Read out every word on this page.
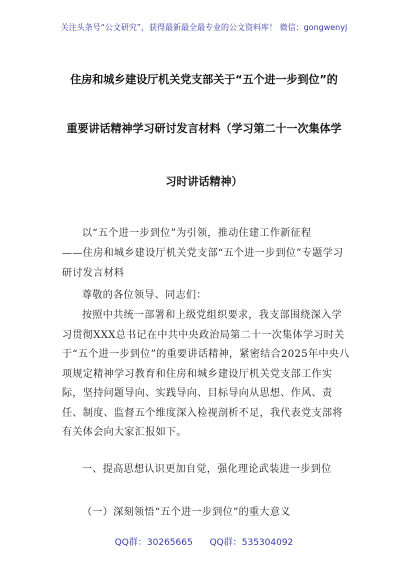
关注头条号“公文研究”，获得最新最全最专业的公文资料库！ 微信：gongwenyj
住房和城乡建设厅机关党支部关于“五个进一步到位”的
重要讲话精神学习研讨发言材料（学习第二十一次集体学
习时讲话精神）
以“五个进一步到位”为引领，推动住建工作新征程
——住房和城乡建设厅机关党支部“五个进一步到位”专题学习研讨发言材料
尊敬的各位领导、同志们：
按照中共统一部署和上级党组织要求，我支部围绕深入学习贯彻XXX总书记在中共中央政治局第二十一次集体学习时关于“五个进一步到位”的重要讲话精神，紧密结合2025年中央八项规定精神学习教育和住房和城乡建设厅机关党支部工作实际，坚持问题导向、实践导向、目标导向从思想、作风、责任、制度、监督五个维度深入检视剖析不足，我代表党支部将有关体会向大家汇报如下。
一、提高思想认识更加自觉，强化理论武装进一步到位
（一）深刻领悟“五个进一步到位”的重大意义
QQ群：30265665 QQ群：535304092
